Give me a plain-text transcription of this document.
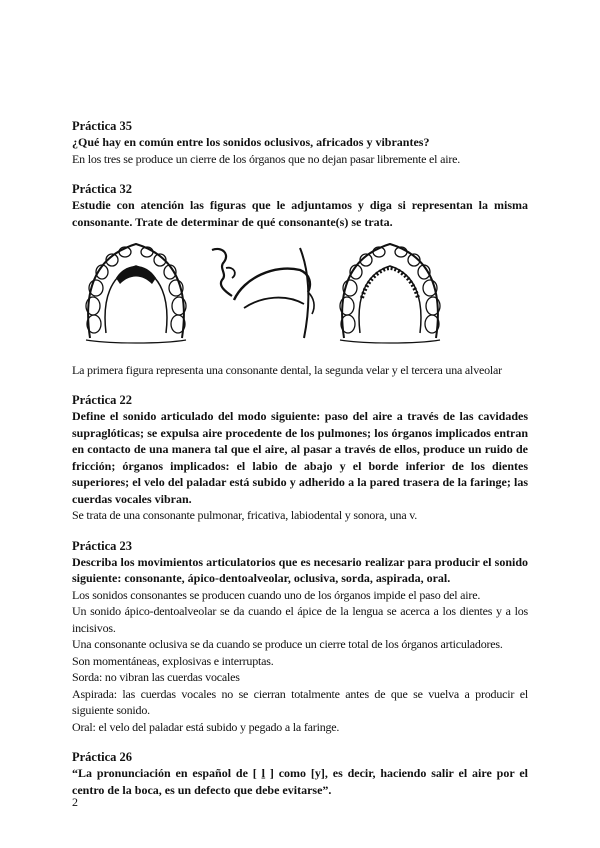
Práctica 35
¿Qué hay en común entre los sonidos oclusivos, africados y vibrantes?
En los tres se produce un cierre de los órganos que no dejan pasar libremente el aire.
Práctica 32
Estudie con atención las figuras que le adjuntamos y diga si representan la misma consonante. Trate de determinar de qué consonante(s) se trata.
La primera figura representa una consonante dental, la segunda velar y el tercera una alveolar
Práctica 22
Define el sonido articulado del modo siguiente: paso del aire a través de las cavidades supraglóticas; se expulsa aire procedente de los pulmones; los órganos implicados entran en contacto de una manera tal que el aire, al pasar a través de ellos, produce un ruido de fricción; órganos implicados: el labio de abajo y el borde inferior de los dientes superiores; el velo del paladar está subido y adherido a la pared trasera de la faringe; las cuerdas vocales vibran.
Se trata de una consonante pulmonar, fricativa, labiodental y sonora, una v.
Práctica 23
Describa los movimientos articulatorios que es necesario realizar para producir el sonido siguiente: consonante, ápico-dentoalveolar, oclusiva, sorda, aspirada, oral.
Los sonidos consonantes se producen cuando uno de los órganos impide el paso del aire.
Un sonido ápico-dentoalveolar se da cuando el ápice de la lengua se acerca a los dientes y a los incisivos.
Una consonante oclusiva se da cuando se produce un cierre total de los órganos articuladores.
Son momentáneas, explosivas e interruptas.
Sorda: no vibran las cuerdas vocales
Aspirada: las cuerdas vocales no se cierran totalmente antes de que se vuelva a producir el siguiente sonido.
Oral: el velo del paladar está subido y pegado a la faringe.
Práctica 26
“La pronunciación en español de [ ḻ ] como [y], es decir, haciendo salir el aire por el centro de la boca, es un defecto que debe evitarse”.
2
